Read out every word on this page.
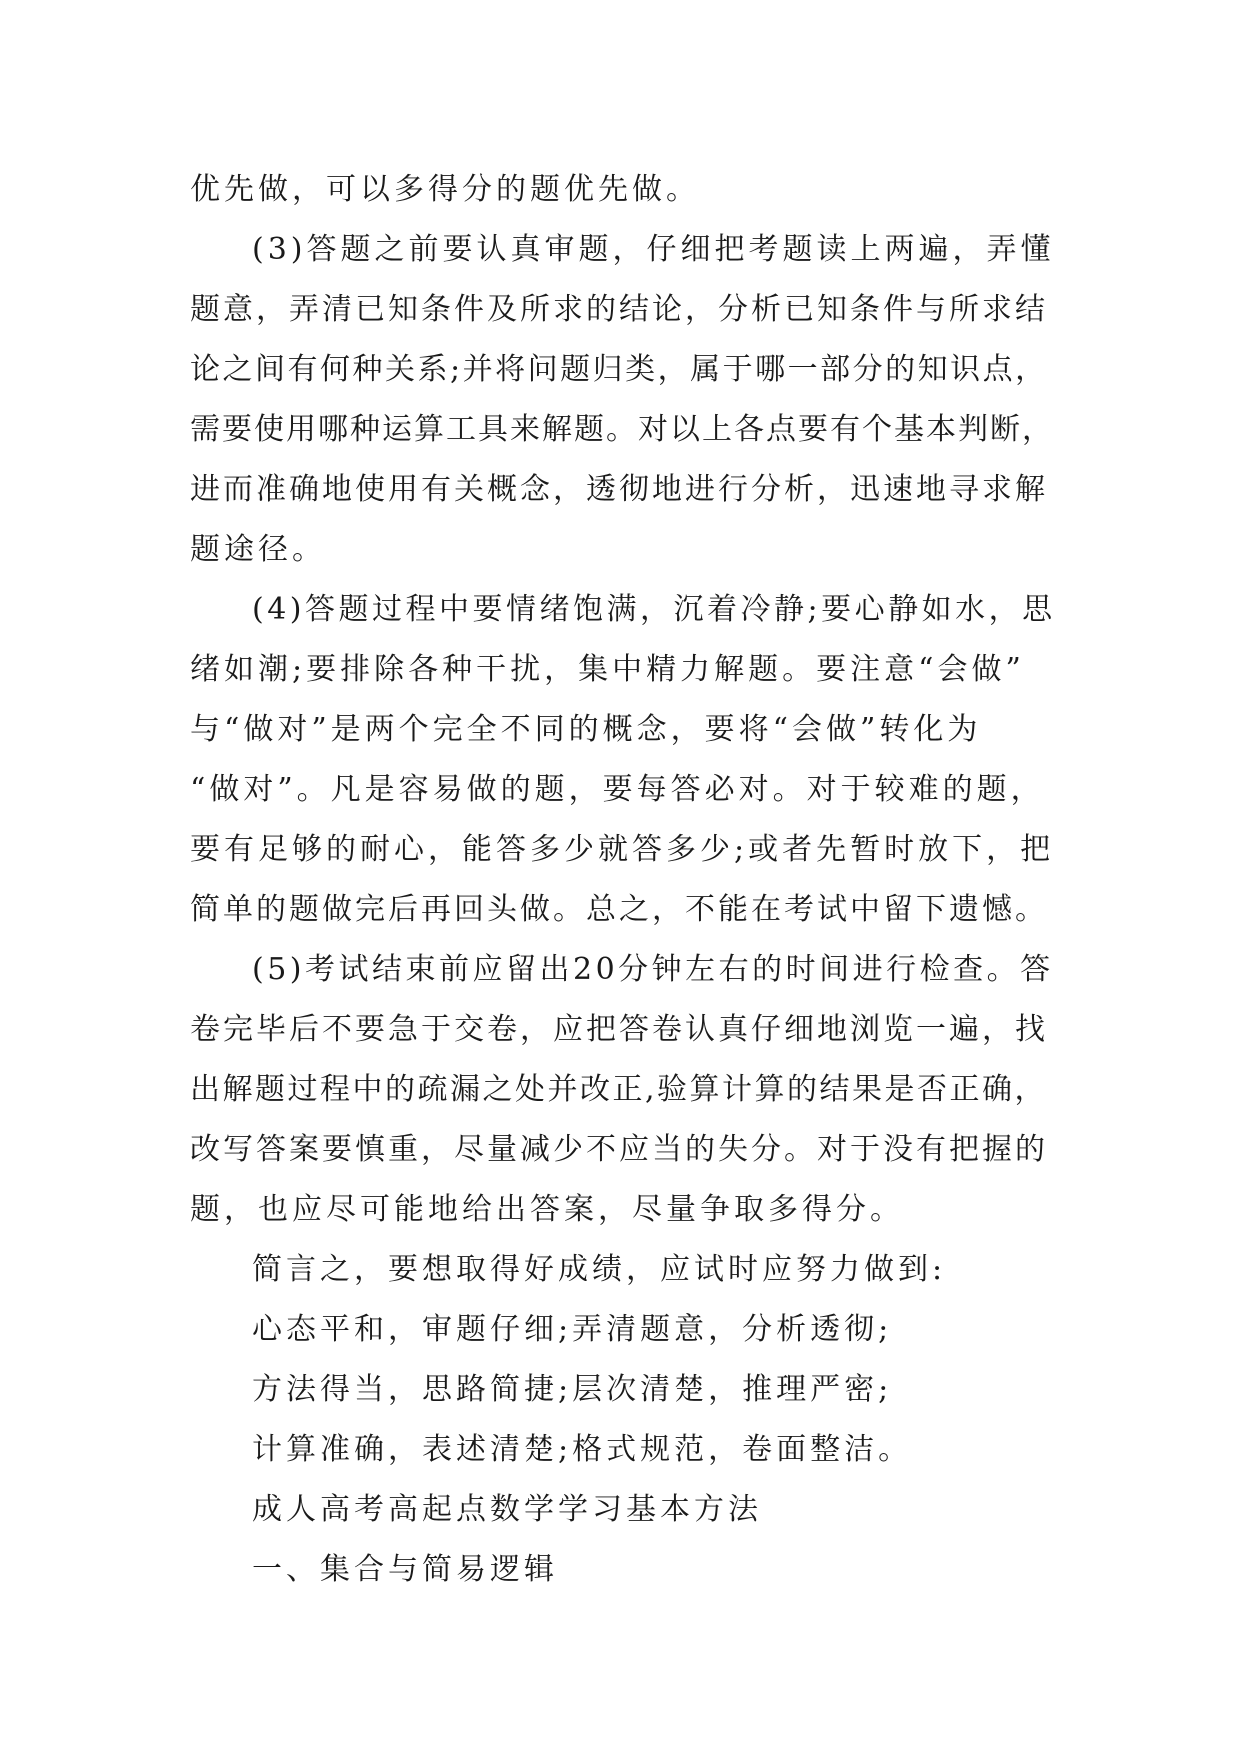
优先做，可以多得分的题优先做。
(3)答题之前要认真审题，仔细把考题读上两遍，弄懂
题意，弄清已知条件及所求的结论，分析已知条件与所求结
论之间有何种关系;并将问题归类，属于哪一部分的知识点，
需要使用哪种运算工具来解题。对以上各点要有个基本判断，
进而准确地使用有关概念，透彻地进行分析，迅速地寻求解
题途径。
(4)答题过程中要情绪饱满，沉着冷静;要心静如水，思
绪如潮;要排除各种干扰，集中精力解题。要注意“会做”
与“做对”是两个完全不同的概念，要将“会做”转化为
“做对”。凡是容易做的题，要每答必对。对于较难的题，
要有足够的耐心，能答多少就答多少;或者先暂时放下，把
简单的题做完后再回头做。总之，不能在考试中留下遗憾。
(5)考试结束前应留出20分钟左右的时间进行检查。答
卷完毕后不要急于交卷，应把答卷认真仔细地浏览一遍，找
出解题过程中的疏漏之处并改正,验算计算的结果是否正确，
改写答案要慎重，尽量减少不应当的失分。对于没有把握的
题，也应尽可能地给出答案，尽量争取多得分。
简言之，要想取得好成绩，应试时应努力做到:
心态平和，审题仔细;弄清题意，分析透彻;
方法得当，思路简捷;层次清楚，推理严密;
计算准确，表述清楚;格式规范，卷面整洁。
成人高考高起点数学学习基本方法
一、集合与简易逻辑
